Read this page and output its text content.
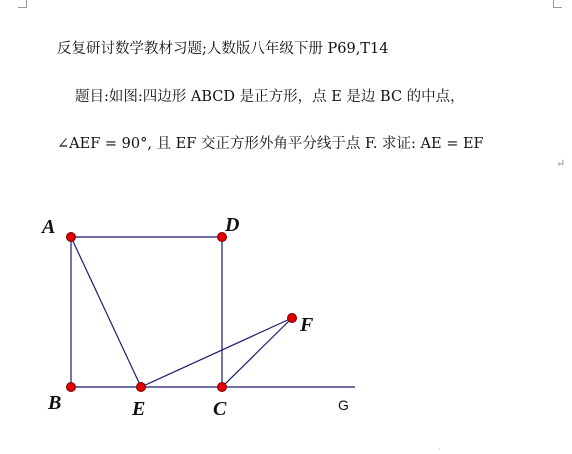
反复研讨数学教材习题;人数版八年级下册 P69,T14
题目:如图:四边形 ABCD 是正方形，点 E 是边 BC 的中点，
∠AEF = 90°, 且 EF 交正方形外角平分线于点 F. 求证: AE = EF
↵
·
A	D
B	E	C
F
G
